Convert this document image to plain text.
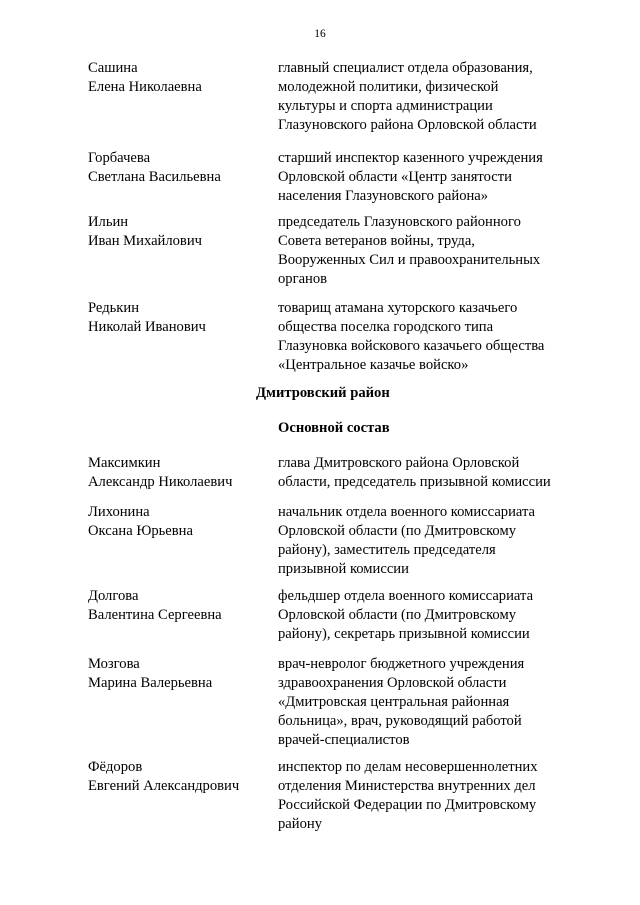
16
Сашина
Елена Николаевна
главный специалист отдела образования,
молодежной политики, физической
культуры и спорта администрации
Глазуновского района Орловской области
Горбачева
Светлана Васильевна
старший инспектор казенного учреждения
Орловской области «Центр занятости
населения Глазуновского района»
Ильин
Иван Михайлович
председатель Глазуновского районного
Совета ветеранов войны, труда,
Вооруженных Сил и правоохранительных
органов
Редькин
Николай Иванович
товарищ атамана хуторского казачьего
общества поселка городского типа
Глазуновка войскового казачьего общества
«Центральное казачье войско»
Дмитровский район
Основной состав
Максимкин
Александр Николаевич
глава Дмитровского района Орловской
области, председатель призывной комиссии
Лихонина
Оксана Юрьевна
начальник отдела военного комиссариата
Орловской области (по Дмитровскому
району), заместитель председателя
призывной комиссии
Долгова
Валентина Сергеевна
фельдшер отдела военного комиссариата
Орловской области (по Дмитровскому
району), секретарь призывной комиссии
Мозгова
Марина Валерьевна
врач-невролог бюджетного учреждения
здравоохранения Орловской области
«Дмитровская центральная районная
больница», врач, руководящий работой
врачей-специалистов
Фёдоров
Евгений Александрович
инспектор по делам несовершеннолетних
отделения Министерства внутренних дел
Российской Федерации по Дмитровскому
району
